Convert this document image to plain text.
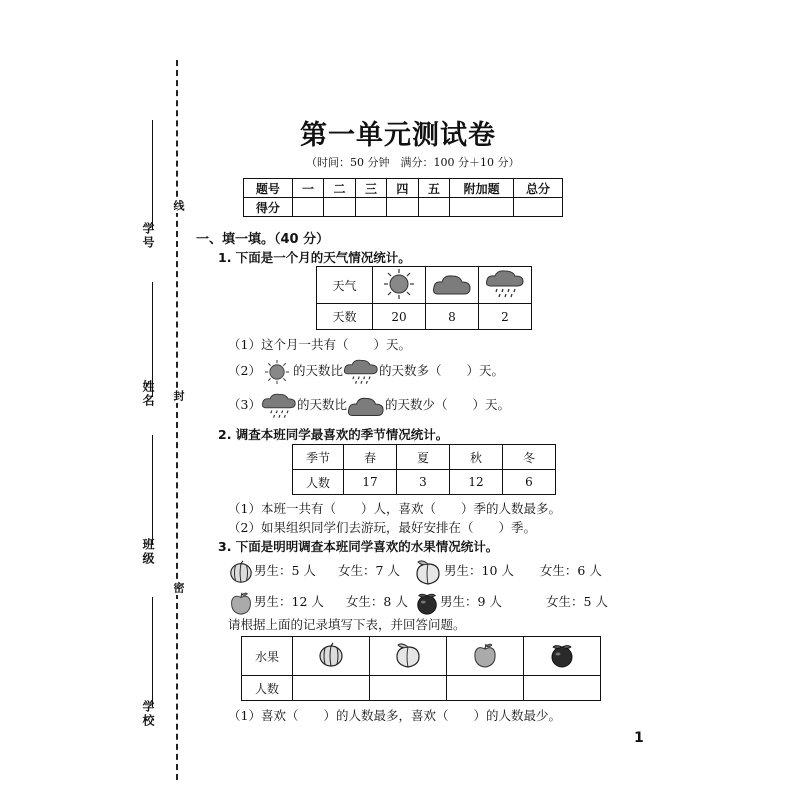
学号
姓名
班级
学校
线
封
密
第一单元测试卷
（时间：50 分钟　满分：100 分＋10 分）
题号	一	二	三	四	五	附加题	总分
得分							
一、填一填。（40 分）
1. 下面是一个月的天气情况统计。
天气			
天数	20	8	2
（1）这个月一共有（　　）天。
（2）	的天数比	的天数多（　　）天。
（3）	的天数比	的天数少（　　）天。
2. 调查本班同学最喜欢的季节情况统计。
季节	春	夏	秋	冬
人数	17	3	12	6
（1）本班一共有（　　）人，喜欢（　　）季的人数最多。
（2）如果组织同学们去游玩，最好安排在（　　）季。
3. 下面是明明调查本班同学喜欢的水果情况统计。
男生：5 人 女生：7 人	男生：10 人 女生：6 人
男生：12 人 女生：8 人	男生：9 人	女生：5 人
请根据上面的记录填写下表，并回答问题。
水果				
人数				
（1）喜欢（　　）的人数最多，喜欢（　　）的人数最少。
1
